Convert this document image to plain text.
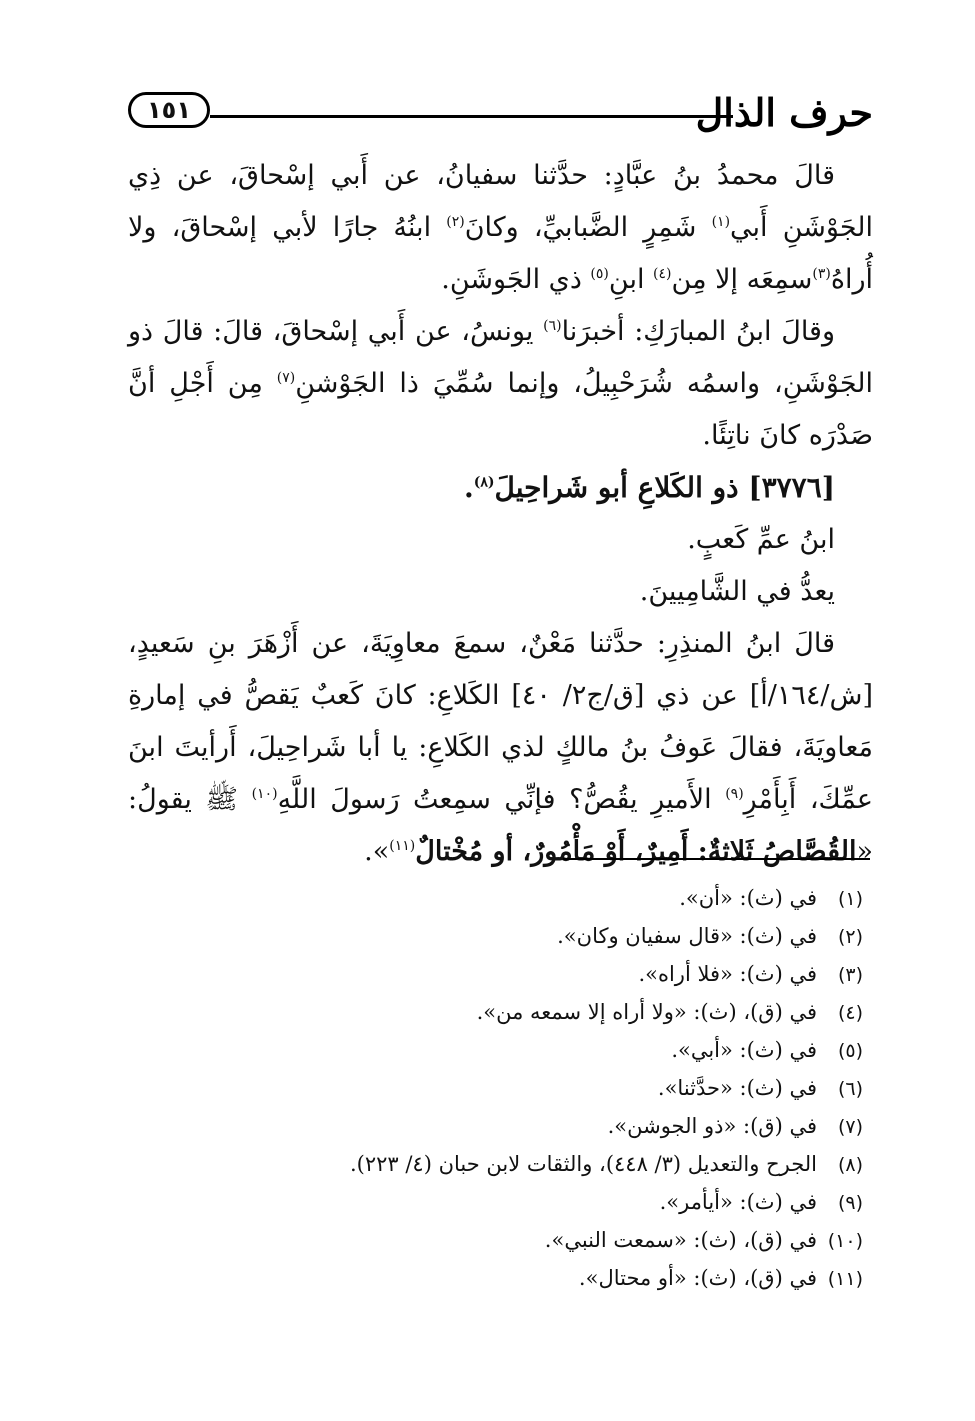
حرف الذال
١٥١

قالَ محمدُ بنُ عبَّادٍ: حدَّثنا سفيانُ، عن أَبي إسْحاقَ، عن ذِي الجَوْشَنِ أَبي$^{(١)}$ شَمِرٍ الضَّبابيِّ، وكانَ$^{(٢)}$ ابنُهُ جارًا لأبي إسْحاقَ، ولا أُراهُ$^{(٣)}$سمِعَه إلا مِن$^{(٤)}$ ابنِ$^{(٥)}$ ذي الجَوشَنِ.

وقالَ ابنُ المبارَكِ: أخبرَنا$^{(٦)}$ يونسُ، عن أَبي إسْحاقَ، قالَ: قالَ ذو الجَوْشَنِ، واسمُه شُرَحْبِيلُ، وإنما سُمِّيَ ذا الجَوْشنِ$^{(٧)}$ مِن أَجْلِ أنَّ صَدْرَه كانَ ناتِئًا.

[٣٧٧٦] ذو الكَلاعِ أبو شَراحِيلَ$^{(٨)}$.

ابنُ عمِّ كَعبٍ.

يعدُّ في الشَّامِيينَ.

قالَ ابنُ المنذِرِ: حدَّثنا مَعْنٌ، سمعَ معاوِيَةَ، عن أَزْهَرَ بنِ سَعيدٍ، [ش/١٦٤/أ] عن ذي [ق/ج٢/ ٤٠] الكَلاعِ: كانَ كَعبٌ يَقصُّ في إمارةِ مَعاويَةَ، فقالَ عَوفُ بنُ مالكٍ لذي الكَلاعِ: يا أبا شَراحِيلَ، أَرأيتَ ابنَ عمِّكَ، أَبِأَمْرِ$^{(٩)}$ الأَميرِ يقُصُّ؟ فإنِّي سمِعتُ رَسولَ اللَّهِ$^{(١٠)}$ ﷺ يقولُ: «القُصَّاصُ ثَلاثةٌ: أَمِيرٌ، أَوْ مَأْمُورٌ، أو مُخْتالٌ$^{(١١)}$».

(١)في (ث): «أن».

(٢)في (ث): «قال سفيان وكان».

(٣)في (ث): «فلا أراه».

(٤)في (ق)، (ث): «ولا أراه إلا سمعه من».

(٥)في (ث): «أبي».

(٦)في (ث): «حدَّثنا».

(٧)في (ق): «ذو الجوشن».

(٨)الجرح والتعديل (٣/ ٤٤٨)، والثقات لابن حبان (٤/ ٢٢٣).

(٩)في (ث): «أيأمر».

(١٠)في (ق)، (ث): «سمعت النبي».

(١١)في (ق)، (ث): «أو محتال».
